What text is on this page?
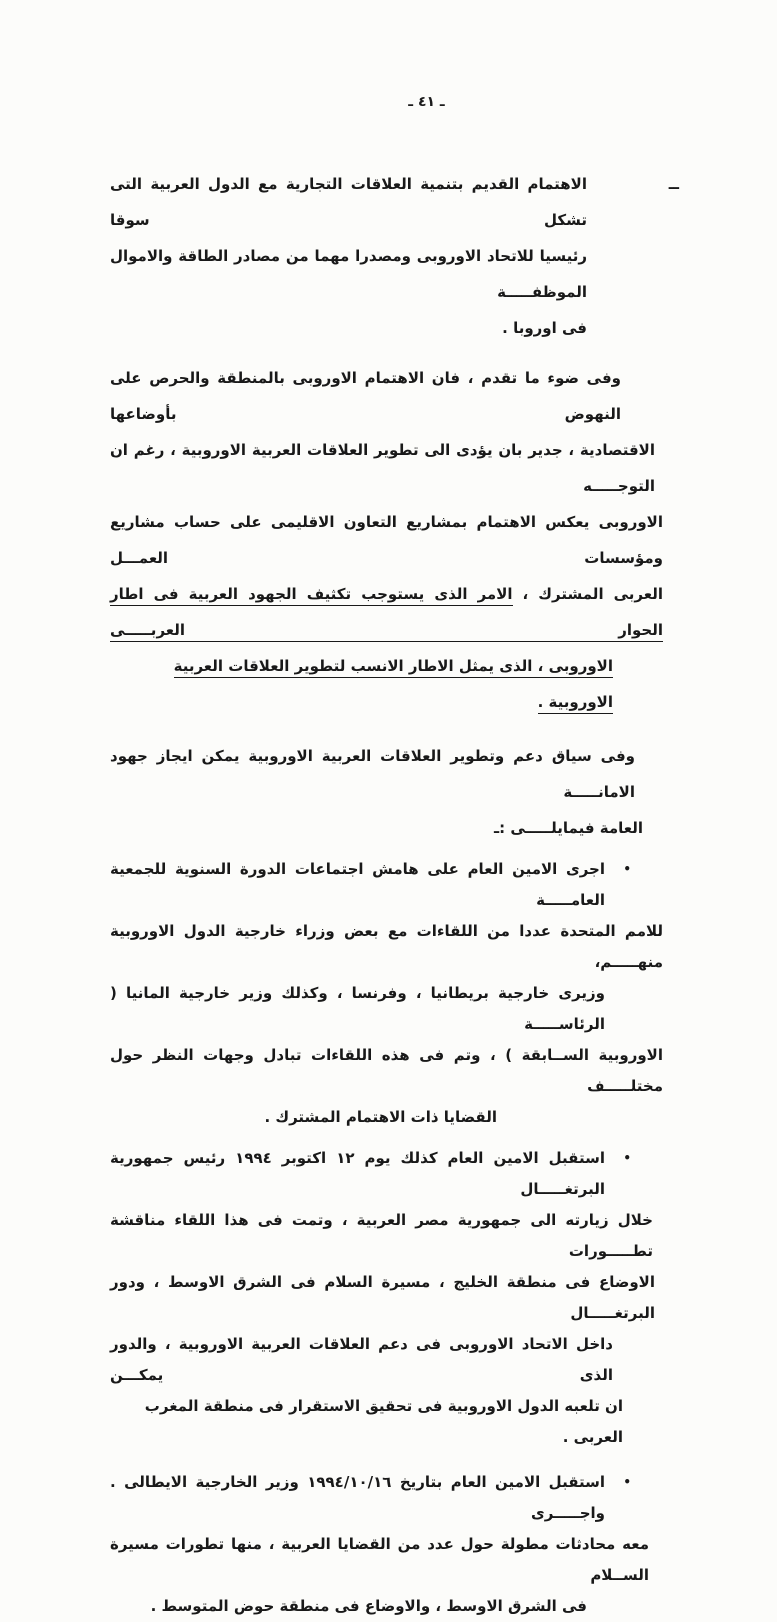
ـ ٤١ ـ
ــ
الاهتمام القديم بتنمية العلاقات التجارية مع الدول العربية التى تشكل سوقا
رئيسيا للاتحاد الاوروبى ومصدرا مهما من مصادر الطاقة والاموال الموظفـــــة
فى اوروبا .
وفى ضوء ما تقدم ، فان الاهتمام الاوروبى بالمنطقة والحرص على النهوض بأوضاعها
الاقتصادية ، جدير بان يؤدى الى تطوير العلاقات العربية الاوروبية ، رغم ان التوجـــــه
الاوروبى يعكس الاهتمام بمشاريع التعاون الاقليمى على حساب مشاريع ومؤسسات العمـــل
العربى المشترك ، الامر الذى يستوجب تكثيف الجهود العربية فى اطار الحوار العربـــــى
الاوروبى ، الذى يمثل الاطار الانسب لتطوير العلاقات العربية الاوروبية .
وفى سياق دعم وتطوير العلاقات العربية الاوروبية يمكن ايجاز جهود الامانـــــة
العامة فيمايلـــــى :ـ
•
اجرى الامين العام على هامش اجتماعات الدورة السنوية للجمعية العامـــــة
للامم المتحدة عددا من اللقاءات مع بعض وزراء خارجية الدول الاوروبية منهـــــم،
وزيرى خارجية بريطانيا ، وفرنسا ، وكذلك وزير خارجية المانيا ( الرئاســـــة
الاوروبية الســابقة ) ، وتم فى هذه اللقاءات تبادل وجهات النظر حول مختلـــــف
القضايا ذات الاهتمام المشترك .
•
استقبل الامين العام كذلك يوم ١٢ اكتوبر ١٩٩٤ رئيس جمهورية البرتغـــــال
خلال زيارته الى جمهورية مصر العربية ، وتمت فى هذا اللقاء مناقشة تطـــــورات
الاوضاع فى منطقة الخليج ، مسيرة السلام فى الشرق الاوسط ، ودور البرتغـــــال
داخل الاتحاد الاوروبى فى دعم العلاقات العربية الاوروبية ، والدور الذى يمكـــن
ان تلعبه الدول الاوروبية فى تحقيق الاستقرار فى منطقة المغرب العربى .
•
استقبل الامين العام بتاريخ ١٩٩٤/١٠/١٦ وزير الخارجية الايطالى . واجـــــرى
معه محادثات مطولة حول عدد من القضايا العربية ، منها تطورات مسيرة الســلام
فى الشرق الاوسط ، والاوضاع فى منطقة حوض المتوسط .
